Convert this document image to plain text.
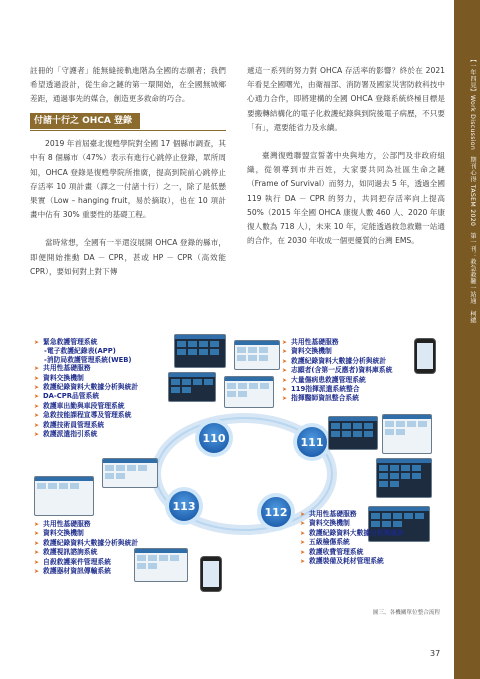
註冊的「守護者」能無縫接軌進階為全國的志願者；我們希望透過設計，從生命之鏈的第一環開始，在全國無城鄉差距，通過事先的媒合，創造更多救命的巧合。

付諸十行之 OHCA 登錄

2019 年首屆臺北復甦學院對全國 17 個縣市調查，其中有 8 個縣市（47%）表示有進行心跳停止登錄，眾所周知，OHCA 登錄是復甦學院所推廣，提高到院前心跳停止存活率 10 項計畫（譯之一付諸十行）之一，除了是低懸果實（Low – hanging fruit，易於摘取），也在 10 項計畫中佔有 30% 重要性的基礎工程。

當時常想，全國有一半還沒展開 OHCA 登錄的縣市，即便開始推動 DA － CPR，甚或 HP － CPR（高效能 CPR），要如何對上對下傳

遞這一系列的努力對 OHCA 存活率的影響？終於在 2021 年看見全國曙光，由衛福部、消防署及國家災害防救科技中心通力合作，即將建構的全國 OHCA 登錄系統終極目標是要搬轉結構化的電子化救護紀錄與到院後電子病歷，不只要「有」，還要能省力及永續。

臺灣復甦聯盟宣誓著中央與地方，公部門及非政府組織，從領導到市井百姓，大家要共同為社區生命之鏈（Frame of Survival）而努力，如同過去 5 年，透過全國 119 執行 DA － CPR 的努力，共同把存活率向上提高 50%（2015 年全國 OHCA 康復人數 460 人、2020 年康復人數為 718 人），未來 10 年，定能透過救急救難一站通的合作，在 2030 年收成一個更優質的台灣 EMS。	【一年四見】Work Discussion　期刊心得 TASEM 2020　第一刊：救急救難一站通　柯總
110	111
113	112
➤ 緊急救護管理系統
-電子救護紀錄表(APP)
-消防局救護管理系統(WEB)
➤ 共用性基礎服務
➤ 資料交換機制
➤ 救護紀錄資料大數據分析與統計
➤ DA-CPR品管系統
➤ 救護車出勤與車段管理系統
➤ 急救技能課程宣導及管理系統
➤ 救護技術員管理系統
➤ 救護派遣指引系統
➤ 共用性基礎服務
➤ 資料交換機制
➤ 救護紀錄資料大數據分析與統計
➤ 志願者(含第一反應者)資料庫系統
➤ 大量傷病患救護管理系統
➤ 119指揮派遣系統整合
➤ 指揮醫師資訊整合系統
➤ 共用性基礎服務
➤ 資料交換機制
➤ 救護紀錄資料大數據分析與統計
➤ 救護視訊諮詢系統
➤ 自殺救護案件管理系統
➤ 救護器材資訊傳輸系統
➤ 共用性基礎服務
➤ 資料交換機制
➤ 救護紀錄資料大數據分析與統計
➤ 五級檢傷系統
➤ 救護收費管理系統
➤ 救護裝備及耗材管理系統
圖三、各機關單位整合流程
37
